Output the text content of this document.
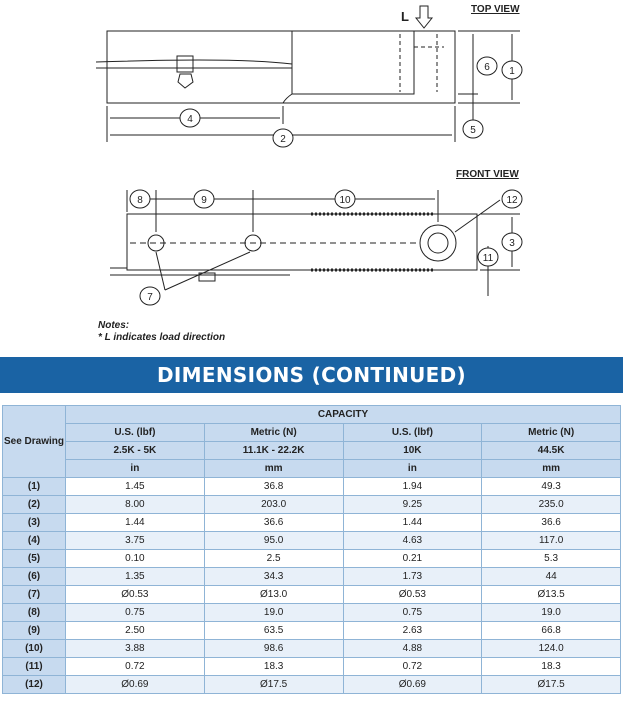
TOP VIEW
FRONT VIEW
L
1
2
3
4
5
6
7
8	9	10
11
12
Notes:
* L indicates load direction
DIMENSIONS (CONTINUED)
See Drawing	CAPACITY			
	U.S. (lbf)	Metric (N)	U.S. (lbf)	Metric (N)
	2.5K - 5K	11.1K - 22.2K	10K	44.5K
	in	mm	in	mm
(1)	1.45	36.8	1.94	49.3
(2)	8.00	203.0	9.25	235.0
(3)	1.44	36.6	1.44	36.6
(4)	3.75	95.0	4.63	117.0
(5)	0.10	2.5	0.21	5.3
(6)	1.35	34.3	1.73	44
(7)	Ø0.53	Ø13.0	Ø0.53	Ø13.5
(8)	0.75	19.0	0.75	19.0
(9)	2.50	63.5	2.63	66.8
(10)	3.88	98.6	4.88	124.0
(11)	0.72	18.3	0.72	18.3
(12)	Ø0.69	Ø17.5	Ø0.69	Ø17.5
